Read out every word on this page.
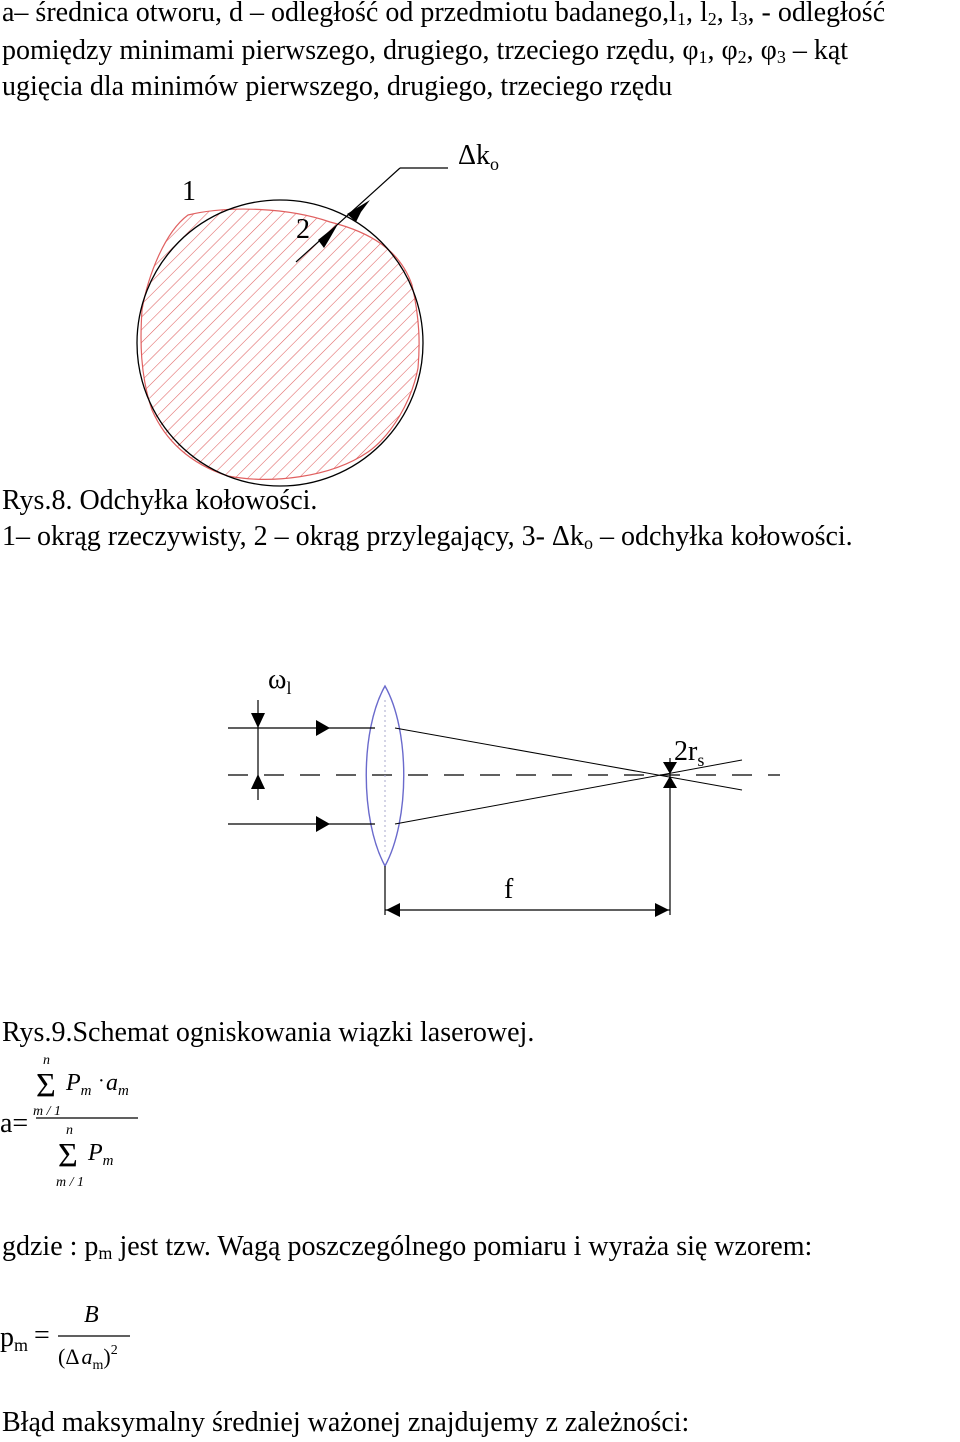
a– średnica otworu, d – odległość od przedmiotu $badanego,l_1$, $l_2$, $l_3$, - odległość
pomiędzy minimami pierwszego, drugiego, trzeciego rzędu, $\varphi_1$, $\varphi_2$, $\varphi_3$ – kąt
ugięcia dla minimów pierwszego, drugiego, trzeciego rzędu
1
2
$\Delta k_o$
Rys.8. Odchyłka kołowości.
1– okrąg rzeczywisty, 2 – okrąg przylegający, 3- $\Delta k_o$ – odchyłka kołowości.
$\omega_l$
$2r_s$
f
Rys.9.Schemat ogniskowania wiązki laserowej.
a=
n
Σ
m / 1
$P_m \cdot a_m$
n
Σ
m / 1
$P_m$
gdzie : $p_m$ jest tzw. Wagą poszczególnego pomiaru i wyraża się wzorem:
pm =
B
$(\Delta a_m)^2$
Błąd maksymalny średniej ważonej znajdujemy z zależności:
